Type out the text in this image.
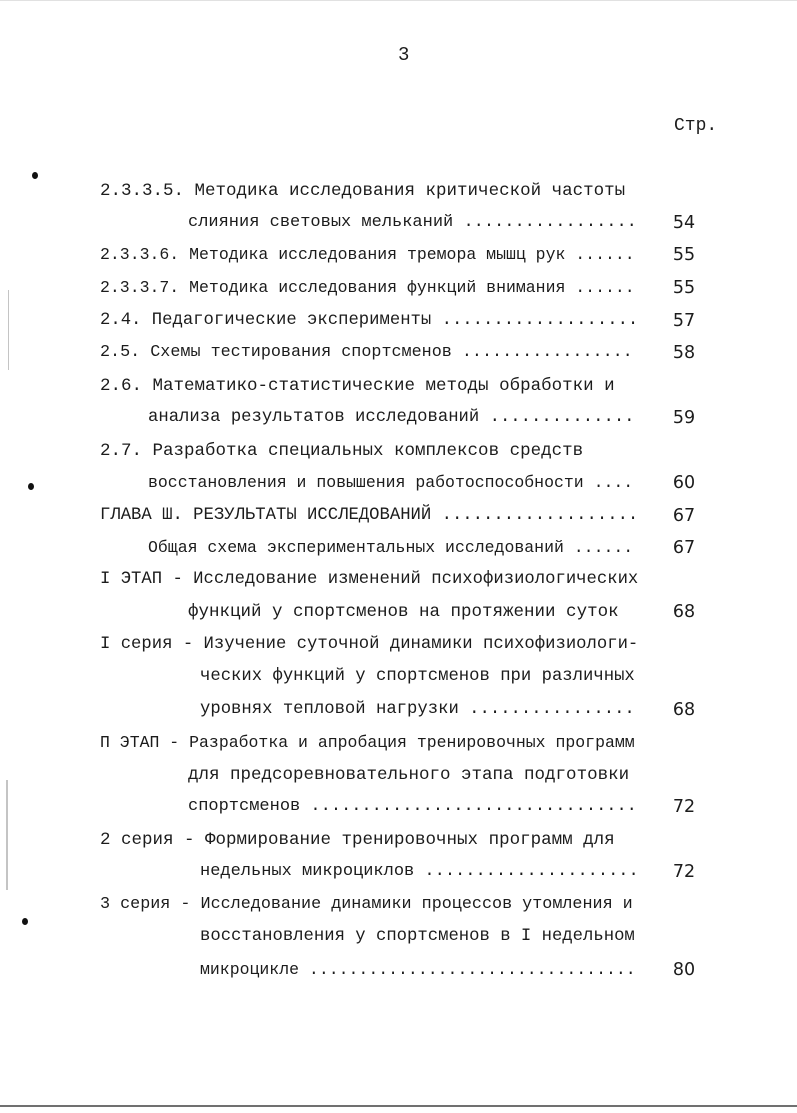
3
Стр.
2.3.3.5. Методика исследования критической частоты
слияния световых мельканий .................	54
2.3.3.6. Методика исследования тремора мышц рук ......	55
2.3.3.7. Методика исследования функций внимания ......	55
2.4. Педагогические эксперименты ...................	57
2.5. Схемы тестирования спортсменов .................	58
2.6. Математико-статистические методы обработки и
анализа результатов исследований ..............	59
2.7. Разработка специальных комплексов средств
восстановления и повышения работоспособности ....	60
ГЛАВА Ш. РЕЗУЛЬТАТЫ ИССЛЕДОВАНИЙ ...................	67
Общая схема экспериментальных исследований ......	67
I ЭТАП - Исследование изменений психофизиологических
функций у спортсменов на протяжении суток	68
I серия - Изучение суточной динамики психофизиологи-
ческих функций у спортсменов при различных
уровнях тепловой нагрузки ................	68
П ЭТАП - Разработка и апробация тренировочных программ
для предсоревновательного этапа подготовки
спортсменов ................................	72
2 серия - Формирование тренировочных программ для
недельных микроциклов .....................	72
3 серия - Исследование динамики процессов утомления и
восстановления у спортсменов в I недельном
микроцикле .................................	80
